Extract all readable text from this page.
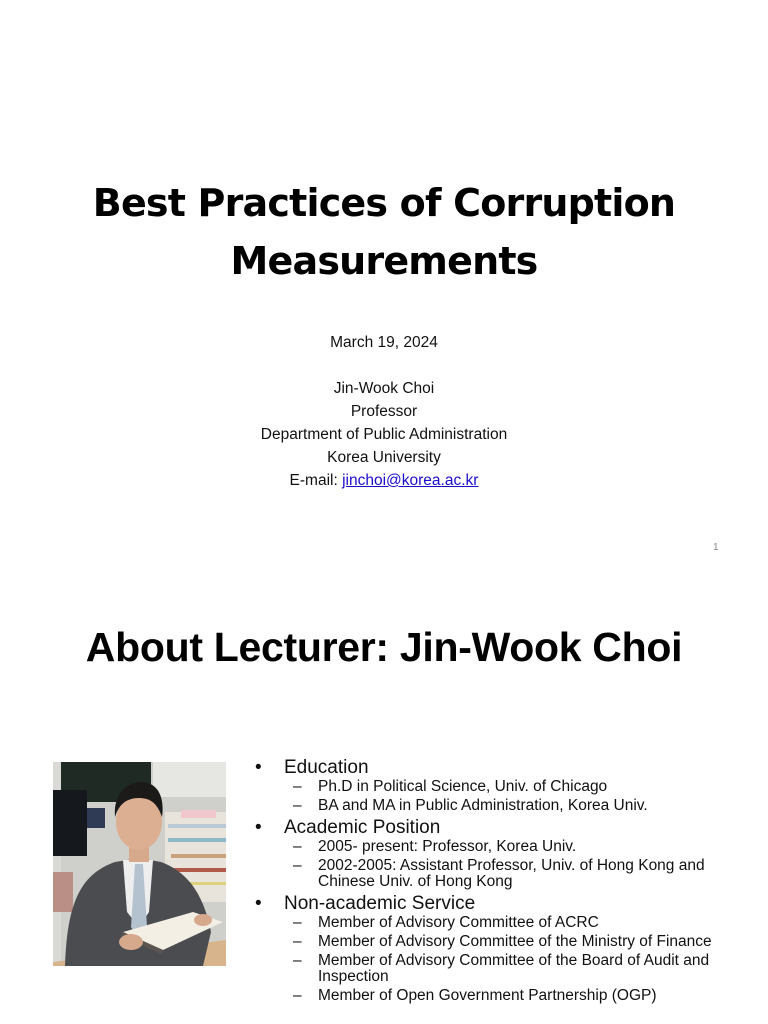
Best Practices of Corruption
Measurements
March 19, 2024
Jin-Wook Choi
Professor
Department of Public Administration
Korea University
E-mail: jinchoi@korea.ac.kr
1
About Lecturer: Jin-Wook Choi
• Education
– Ph.D in Political Science, Univ. of Chicago
– BA and MA in Public Administration, Korea Univ.
• Academic Position
– 2005- present: Professor, Korea Univ.
– 2002-2005: Assistant Professor, Univ. of Hong Kong and Chinese Univ. of Hong Kong
• Non-academic Service
– Member of Advisory Committee of ACRC
– Member of Advisory Committee of the Ministry of Finance
– Member of Advisory Committee of the Board of Audit and Inspection
– Member of Open Government Partnership (OGP)
